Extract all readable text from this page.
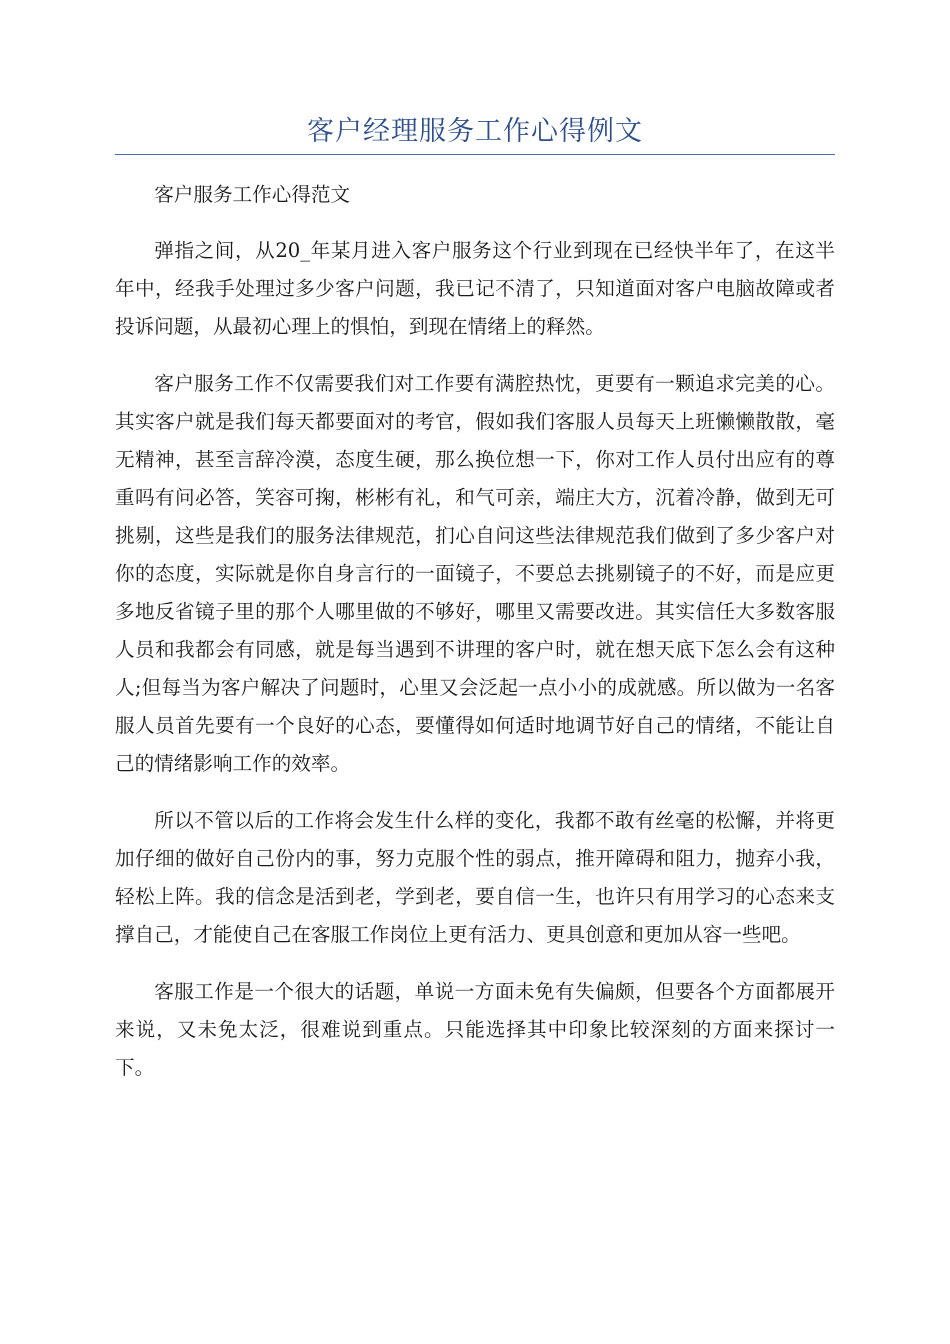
客户经理服务工作心得例文

客户服务工作心得范文

弹指之间，从20_年某月进入客户服务这个行业到现在已经快半年了，在这半年中，经我手处理过多少客户问题，我已记不清了，只知道面对客户电脑故障或者投诉问题，从最初心理上的惧怕，到现在情绪上的释然。

客户服务工作不仅需要我们对工作要有满腔热忱，更要有一颗追求完美的心。其实客户就是我们每天都要面对的考官，假如我们客服人员每天上班懒懒散散，毫无精神，甚至言辞冷漠，态度生硬，那么换位想一下，你对工作人员付出应有的尊重吗有问必答，笑容可掬，彬彬有礼，和气可亲，端庄大方，沉着冷静，做到无可挑剔，这些是我们的服务法律规范，扪心自问这些法律规范我们做到了多少客户对你的态度，实际就是你自身言行的一面镜子，不要总去挑剔镜子的不好，而是应更多地反省镜子里的那个人哪里做的不够好，哪里又需要改进。其实信任大多数客服人员和我都会有同感，就是每当遇到不讲理的客户时，就在想天底下怎么会有这种人;但每当为客户解决了问题时，心里又会泛起一点小小的成就感。所以做为一名客服人员首先要有一个良好的心态，要懂得如何适时地调节好自己的情绪，不能让自己的情绪影响工作的效率。

所以不管以后的工作将会发生什么样的变化，我都不敢有丝毫的松懈，并将更加仔细的做好自己份内的事，努力克服个性的弱点，推开障碍和阻力，抛弃小我，轻松上阵。我的信念是活到老，学到老，要自信一生，也许只有用学习的心态来支撑自己，才能使自己在客服工作岗位上更有活力、更具创意和更加从容一些吧。

客服工作是一个很大的话题，单说一方面未免有失偏颇，但要各个方面都展开来说，又未免太泛，很难说到重点。只能选择其中印象比较深刻的方面来探讨一下。
